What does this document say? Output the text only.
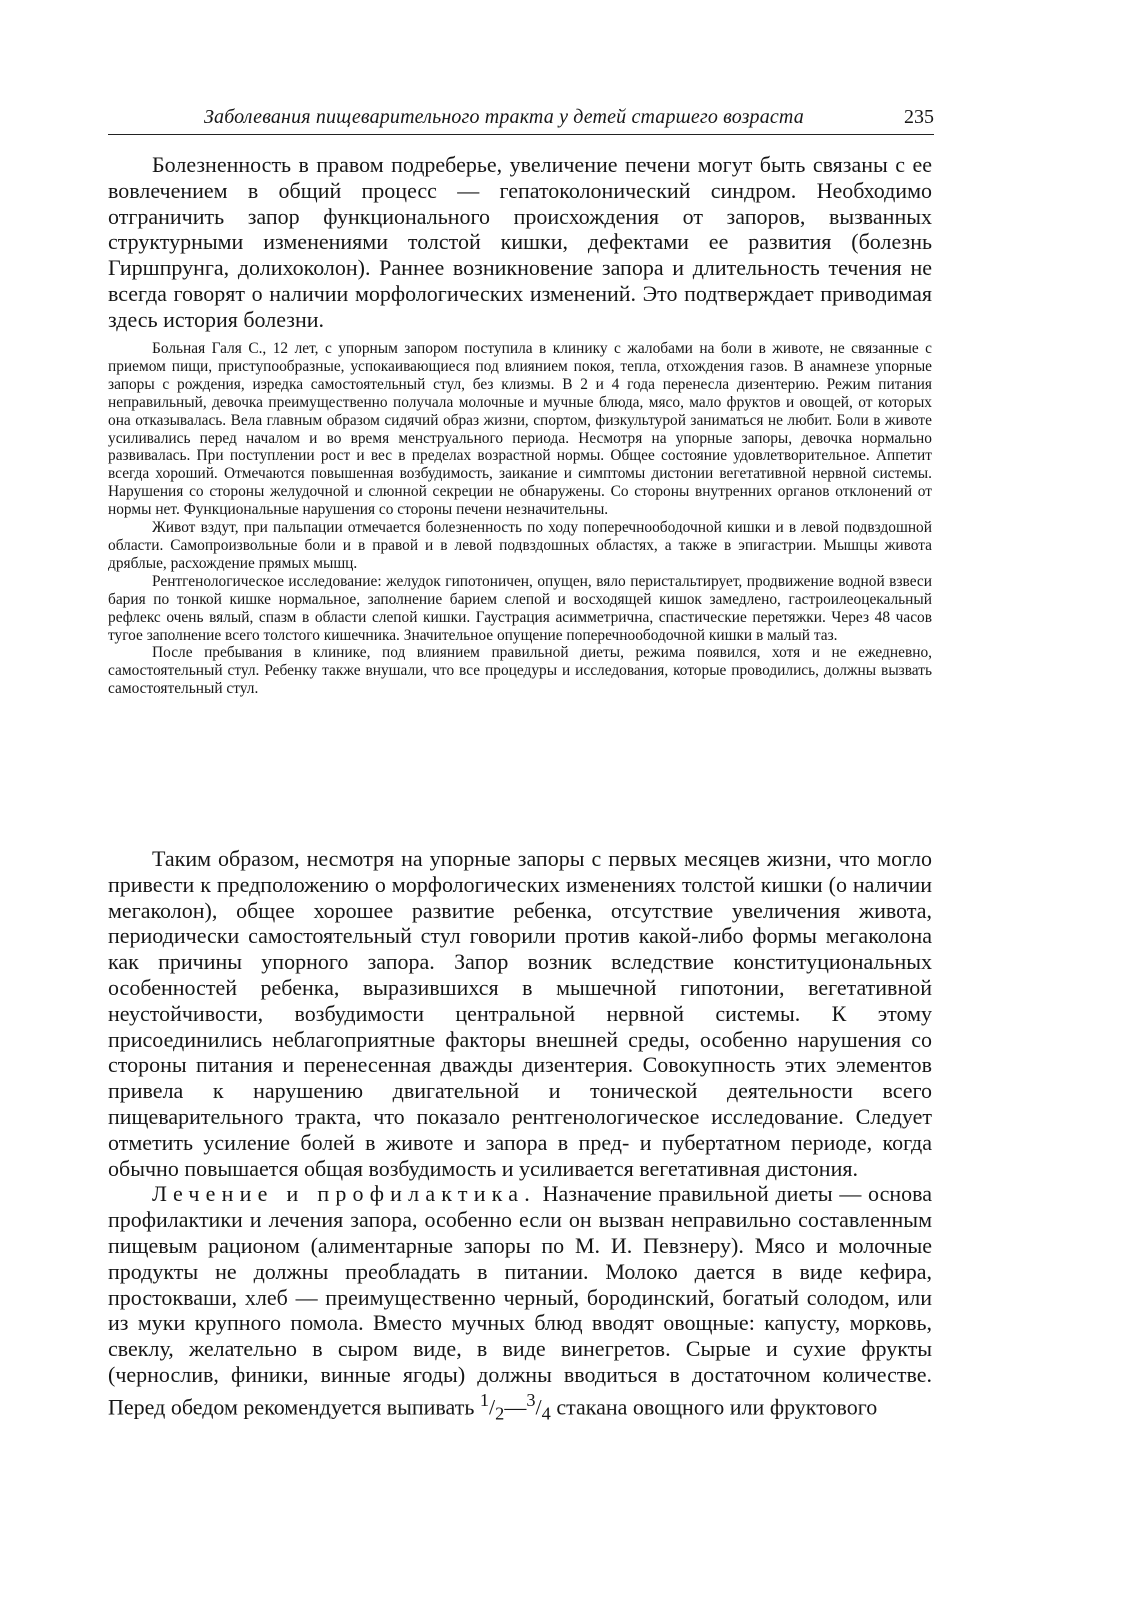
Заболевания пищеварительного тракта у детей старшего возраста	235

Болезненность в правом подреберье, увеличение печени могут быть связаны с ее вовлечением в общий процесс — гепатоколонический синдром. Необходимо отграничить запор функционального происхождения от запоров, вызванных структурными изменениями толстой кишки, дефектами ее развития (болезнь Гиршпрунга, долихоколон). Раннее возникновение запора и длительность течения не всегда говорят о наличии морфологических изменений. Это подтверждает приводимая здесь история болезни.

Больная Галя С., 12 лет, с упорным запором поступила в клинику с жалобами на боли в животе, не связанные с приемом пищи, приступообразные, успокаивающиеся под влиянием покоя, тепла, отхождения газов. В анамнезе упорные запоры с рождения, изредка самостоятельный стул, без клизмы. В 2 и 4 года перенесла дизентерию. Режим питания неправильный, девочка преимущественно получала молочные и мучные блюда, мясо, мало фруктов и овощей, от которых она отказывалась. Вела главным образом сидячий образ жизни, спортом, физкультурой заниматься не любит. Боли в животе усиливались перед началом и во время менструального периода. Несмотря на упорные запоры, девочка нормально развивалась. При поступлении рост и вес в пределах возрастной нормы. Общее состояние удовлетворительное. Аппетит всегда хороший. Отмечаются повышенная возбудимость, заикание и симптомы дистонии вегетативной нервной системы. Нарушения со стороны желудочной и слюнной секреции не обнаружены. Со стороны внутренних органов отклонений от нормы нет. Функциональные нарушения со стороны печени незначительны.

Живот вздут, при пальпации отмечается болезненность по ходу поперечноободочной кишки и в левой подвздошной области. Самопроизвольные боли и в правой и в левой подвздошных областях, а также в эпигастрии. Мышцы живота дряблые, расхождение прямых мышц.

Рентгенологическое исследование: желудок гипотоничен, опущен, вяло перистальтирует, продвижение водной взвеси бария по тонкой кишке нормальное, заполнение барием слепой и восходящей кишок замедлено, гастроилеоцекальный рефлекс очень вялый, спазм в области слепой кишки. Гаустрация асимметрична, спастические перетяжки. Через 48 часов тугое заполнение всего толстого кишечника. Значительное опущение поперечноободочной кишки в малый таз.

После пребывания в клинике, под влиянием правильной диеты, режима появился, хотя и не ежедневно, самостоятельный стул. Ребенку также внушали, что все процедуры и исследования, которые проводились, должны вызвать самостоятельный стул.

Таким образом, несмотря на упорные запоры с первых месяцев жизни, что могло привести к предположению о морфологических изменениях толстой кишки (о наличии мегаколон), общее хорошее развитие ребенка, отсутствие увеличения живота, периодически самостоятельный стул говорили против какой-либо формы мегаколона как причины упорного запора. Запор возник вследствие конституциональных особенностей ребенка, выразившихся в мышечной гипотонии, вегетативной неустойчивости, возбудимости центральной нервной системы. К этому присоединились неблагоприятные факторы внешней среды, особенно нарушения со стороны питания и перенесенная дважды дизентерия. Совокупность этих элементов привела к нарушению двигательной и тонической деятельности всего пищеварительного тракта, что показало рентгенологическое исследование. Следует отметить усиление болей в животе и запора в пред- и пубертатном периоде, когда обычно повышается общая возбудимость и усиливается вегетативная дистония.

Лечение и профилактика. Назначение правильной диеты — основа профилактики и лечения запора, особенно если он вызван неправильно составленным пищевым рационом (алиментарные запоры по М. И. Певзнеру). Мясо и молочные продукты не должны преобладать в питании. Молоко дается в виде кефира, простокваши, хлеб — преимущественно черный, бородинский, богатый солодом, или из муки крупного помола. Вместо мучных блюд вводят овощные: капусту, морковь, свеклу, желательно в сыром виде, в виде винегретов. Сырые и сухие фрукты (чернослив, финики, винные ягоды) должны вводиться в достаточном количестве. Перед обедом рекомендуется выпивать $^1/_2—^3/_4$ стакана овощного или фруктового
